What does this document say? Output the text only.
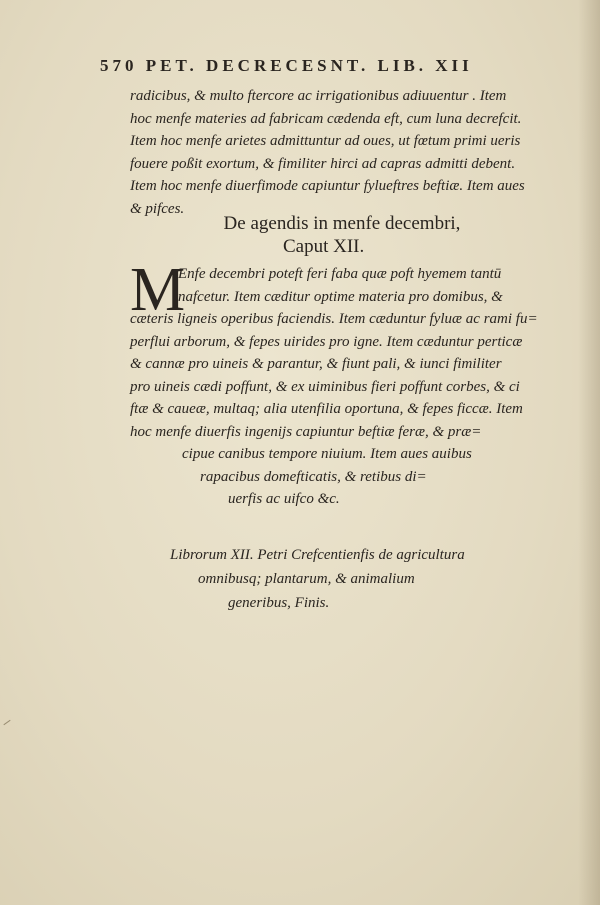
570 PET. DECRECESNT. LIB. XII
radicibus, & multo ftercore ac irrigationibus adiuuentur . Item
hoc menfe materies ad fabricam cædenda eft, cum luna decrefcit.
Item hoc menfe arietes admittuntur ad oues, ut fœtum primi ueris
fouere poßit exortum, & fimiliter hirci ad capras admitti debent.
Item hoc menfe diuerfimode capiuntur fylueftres beftiæ. Item aues
& pifces.
De agendis in menfe decembri,
Caput XII.
M
Enfe decembri poteft feri faba quæ poft hyemem tantū
nafcetur. Item cæditur optime materia pro domibus, &
cæteris ligneis operibus faciendis. Item cæduntur fyluæ ac rami fu=
perflui arborum, & fepes uirides pro igne. Item cæduntur perticæ
& cannæ pro uineis & parantur, & fiunt pali, & iunci fimiliter
pro uineis cædi poffunt, & ex uiminibus fieri poffunt corbes, & ci
ftæ & caueæ, multaq; alia utenfilia oportuna, & fepes ficcæ. Item
hoc menfe diuerfis ingenijs capiuntur beftiæ feræ, & præ=
cipue canibus tempore niuium. Item aues auibus
rapacibus domefticatis, & retibus di=
uerfis ac uifco &c.
Librorum XII. Petri Crefcentienfis de agricultura
omnibusq; plantarum, & animalium
generibus, Finis.
